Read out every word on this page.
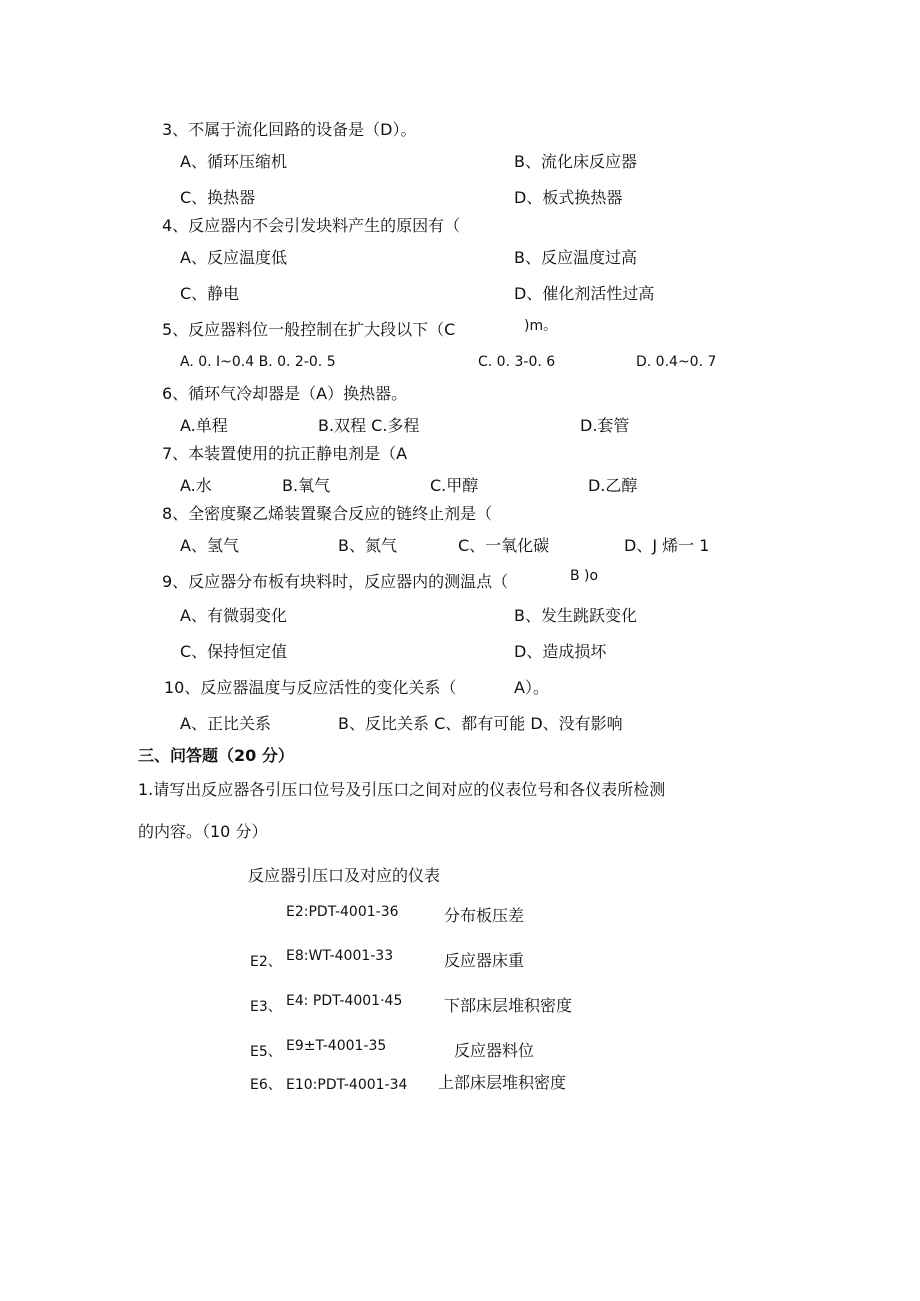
3、不属于流化回路的设备是（D）。
A、循环压缩机	B、流化床反应器
C、换热器	D、板式换热器
4、反应器内不会引发块料产生的原因有（
A、反应温度低	B、反应温度过高
C、静电	D、催化剂活性过高
5、反应器料位一般控制在扩大段以下（C	)m。
A. 0. I~0.4 B. 0. 2-0. 5	C. 0. 3-0. 6	D. 0.4~0. 7
6、循环气冷却器是（A）换热器。
A.单程	B.双程 C.多程	D.套管
7、本装置使用的抗正静电剂是（A
A.水	B.氧气	C.甲醇	D.乙醇
8、全密度聚乙烯装置聚合反应的链终止剂是（
A、氢气	B、氮气	C、一氧化碳	D、J 烯一 1
9、反应器分布板有块料时，反应器内的测温点（	B )o
A、有微弱变化	B、发生跳跃变化
C、保持恒定值	D、造成损坏
10、反应器温度与反应活性的变化关系（	A）。
A、正比关系	B、反比关系 C、都有可能 D、没有影响
三、问答题（20 分）
1.请写出反应器各引压口位号及引压口之间对应的仪表位号和各仪表所检测
的内容。（10 分）
反应器引压口及对应的仪表
E2:PDT-4001-36	分布板压差
E2、 E8:WT-4001-33	反应器床重
E3、 E4: PDT-4001·45	下部床层堆积密度
E5、 E9±T-4001-35	反应器料位
E6、 E10:PDT-4001-34 上部床层堆积密度
